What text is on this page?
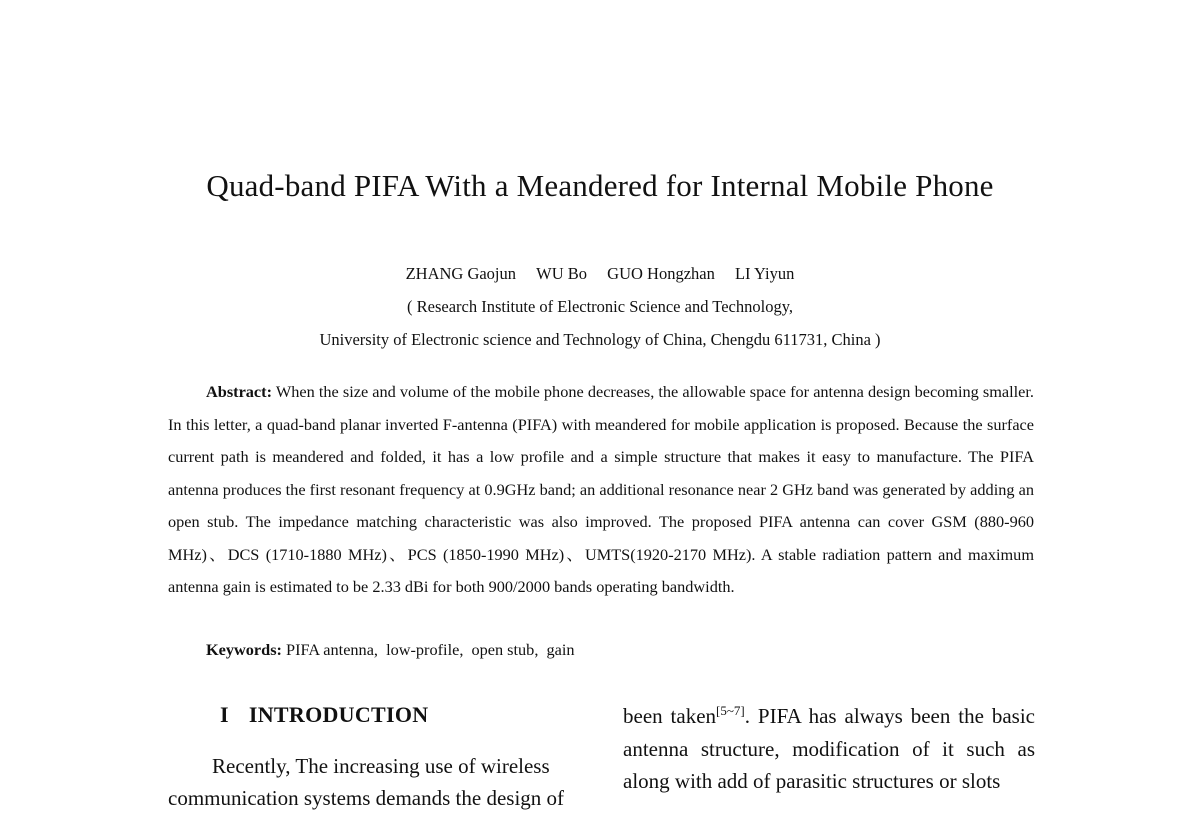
Quad-band PIFA With a Meandered for Internal Mobile Phone
ZHANG Gaojun WU Bo GUO Hongzhan LI Yiyun
( Research Institute of Electronic Science and Technology,
University of Electronic science and Technology of China, Chengdu 611731, China )
Abstract: When the size and volume of the mobile phone decreases, the allowable space for antenna design becoming smaller. In this letter, a quad-band planar inverted F-antenna (PIFA) with meandered for mobile application is proposed. Because the surface current path is meandered and folded, it has a low profile and a simple structure that makes it easy to manufacture. The PIFA antenna produces the first resonant frequency at 0.9GHz band; an additional resonance near 2 GHz band was generated by adding an open stub. The impedance matching characteristic was also improved. The proposed PIFA antenna can cover GSM (880-960 MHz)、DCS (1710-1880 MHz)、PCS (1850-1990 MHz)、UMTS(1920-2170 MHz). A stable radiation pattern and maximum antenna gain is estimated to be 2.33 dBi for both 900/2000 bands operating bandwidth.
Keywords: PIFA antenna, low-profile, open stub, gain
I INTRODUCTION
Recently, The increasing use of wireless
communication systems demands the design of
been taken[5~7]. PIFA has always been the basic antenna structure, modification of it such as along with add of parasitic structures or slots
